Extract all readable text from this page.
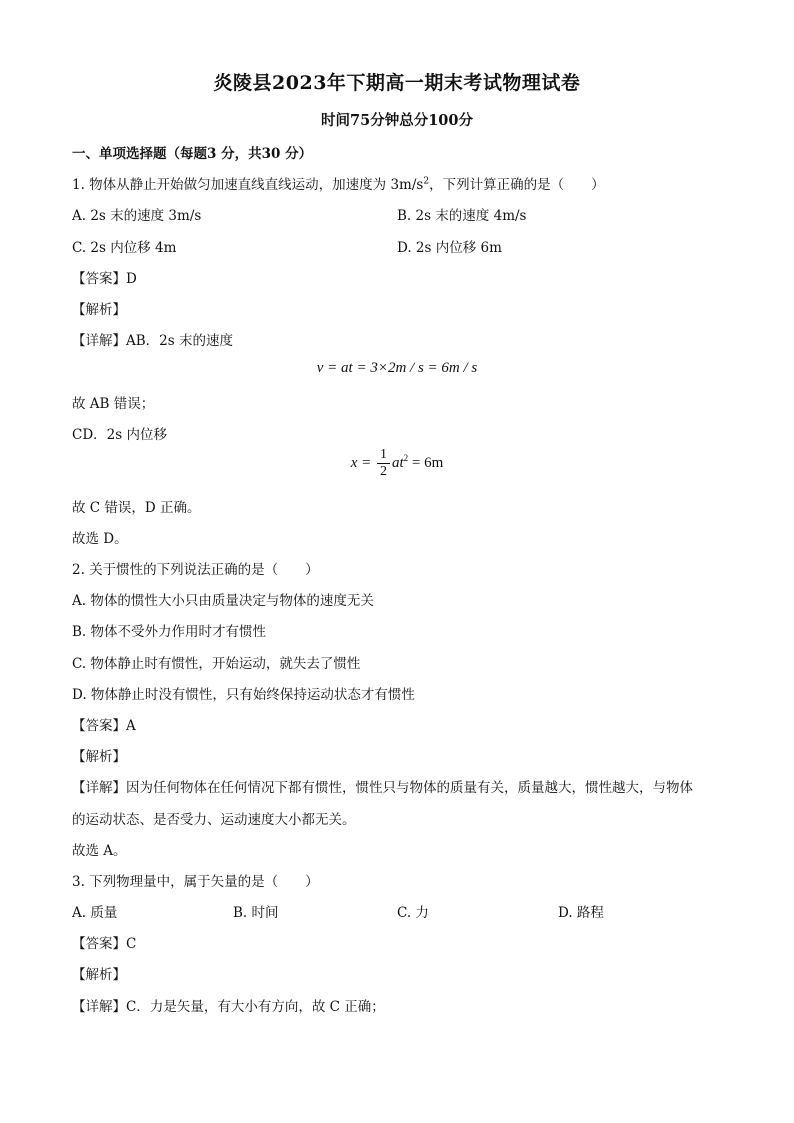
炎陵县2023年下期高一期末考试物理试卷
时间75分钟总分100分
一、单项选择题（每题3 分，共30 分）
1. 物体从静止开始做匀加速直线直线运动，加速度为 $3m/s^2$，下列计算正确的是（　　）
A. 2s 末的速度 3m/s	B. 2s 末的速度 4m/s
C. 2s 内位移 4m	D. 2s 内位移 6m
【答案】D
【解析】
【详解】AB．2s 末的速度
v = at = 3×2m / s = 6m / s
故 AB 错误；
CD．2s 内位移
$x = \frac{1}{2} at^2 = 6m$
故 C 错误，D 正确。
故选 D。
2. 关于惯性的下列说法正确的是（　　）
A. 物体的惯性大小只由质量决定与物体的速度无关
B. 物体不受外力作用时才有惯性
C. 物体静止时有惯性，开始运动，就失去了惯性
D. 物体静止时没有惯性，只有始终保持运动状态才有惯性
【答案】A
【解析】
【详解】因为任何物体在任何情况下都有惯性，惯性只与物体的质量有关，质量越大，惯性越大，与物体
的运动状态、是否受力、运动速度大小都无关。
故选 A。
3. 下列物理量中，属于矢量的是（　　）
A. 质量	B. 时间	C. 力	D. 路程
【答案】C
【解析】
【详解】C．力是矢量，有大小有方向，故 C 正确；
